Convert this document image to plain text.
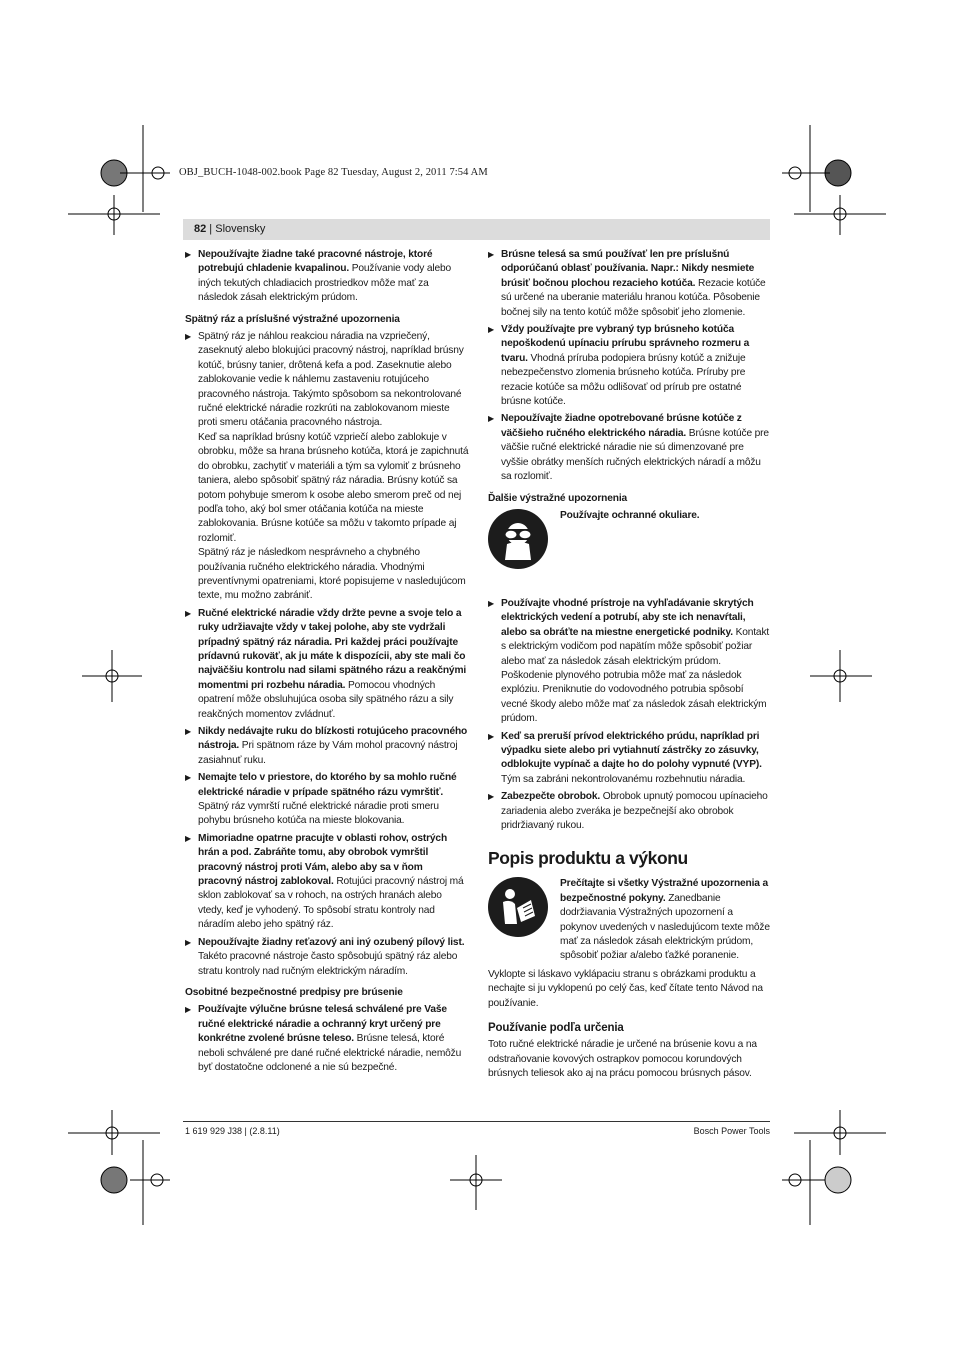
OBJ_BUCH-1048-002.book Page 82 Tuesday, August 2, 2011 7:54 AM
82 | Slovensky
▶ Nepoužívajte žiadne také pracovné nástroje, ktoré potrebujú chladenie kvapalinou. Používanie vody alebo iných tekutých chladiacich prostriedkov môže mať za následok zásah elektrickým prúdom.
Spätný ráz a príslušné výstražné upozornenia
▶ Spätný ráz je náhlou reakciou náradia na vzpriečený, zaseknutý alebo blokujúci pracovný nástroj, napríklad brúsny kotúč, brúsny tanier, drôtená kefa a pod. Zaseknutie alebo zablokovanie vedie k náhlemu zastaveniu rotujúceho pracovného nástroja. Takýmto spôsobom sa nekontrolované ručné elektrické náradie rozkrúti na zablokovanom mieste proti smeru otáčania pracovného nástroja.

Keď sa napríklad brúsny kotúč vzpriečí alebo zablokuje v obrobku, môže sa hrana brúsneho kotúča, ktorá je zapichnutá do obrobku, zachytiť v materiáli a tým sa vylomiť z brúsneho taniera, alebo spôsobiť spätný ráz náradia. Brúsny kotúč sa potom pohybuje smerom k osobe alebo smerom preč od nej podľa toho, aký bol smer otáčania kotúča na mieste zablokovania. Brúsne kotúče sa môžu v takomto prípade aj rozlomiť.

Spätný ráz je následkom nesprávneho a chybného používania ručného elektrického náradia. Vhodnými preventívnymi opatreniami, ktoré popisujeme v nasledujúcom texte, mu možno zabrániť.

▶ Ručné elektrické náradie vždy držte pevne a svoje telo a ruky udržiavajte vždy v takej polohe, aby ste vydržali prípadný spätný ráz náradia. Pri každej práci používajte prídavnú rukoväť, ak ju máte k dispozícii, aby ste mali čo najväčšiu kontrolu nad silami spätného rázu a reakčnými momentmi pri rozbehu náradia. Pomocou vhodných opatrení môže obsluhujúca osoba sily spätného rázu a sily reakčných momentov zvládnuť.
▶ Nikdy nedávajte ruku do blízkosti rotujúceho pracovného nástroja. Pri spätnom ráze by Vám mohol pracovný nástroj zasiahnuť ruku.
▶ Nemajte telo v priestore, do ktorého by sa mohlo ručné elektrické náradie v prípade spätného rázu vymrštiť. Spätný ráz vymrští ručné elektrické náradie proti smeru pohybu brúsneho kotúča na mieste blokovania.
▶ Mimoriadne opatrne pracujte v oblasti rohov, ostrých hrán a pod. Zabráňte tomu, aby obrobok vymrštil pracovný nástroj proti Vám, alebo aby sa v ňom pracovný nástroj zablokoval. Rotujúci pracovný nástroj má sklon zablokovať sa v rohoch, na ostrých hranách alebo vtedy, keď je vyhodený. To spôsobí stratu kontroly nad náradím alebo jeho spätný ráz.
▶ Nepoužívajte žiadny reťazový ani iný ozubený pílový list. Takéto pracovné nástroje často spôsobujú spätný ráz alebo stratu kontroly nad ručným elektrickým náradím.
Osobitné bezpečnostné predpisy pre brúsenie
▶ Používajte výlučne brúsne telesá schválené pre Vaše ručné elektrické náradie a ochranný kryt určený pre konkrétne zvolené brúsne teleso. Brúsne telesá, ktoré neboli schválené pre dané ručné elektrické náradie, nemôžu byť dostatočne odclonené a nie sú bezpečné.
▶ Brúsne telesá sa smú používať len pre príslušnú odporúčanú oblasť používania. Napr.: Nikdy nesmiete brúsiť bočnou plochou rezacieho kotúča. Rezacie kotúče sú určené na uberanie materiálu hranou kotúča. Pôsobenie bočnej sily na tento kotúč môže spôsobiť jeho zlomenie.
▶ Vždy používajte pre vybraný typ brúsneho kotúča nepoškodenú upínaciu prírubu správneho rozmeru a tvaru. Vhodná príruba podopiera brúsny kotúč a znižuje nebezpečenstvo zlomenia brúsneho kotúča. Príruby pre rezacie kotúče sa môžu odlišovať od prírub pre ostatné brúsne kotúče.
▶ Nepoužívajte žiadne opotrebované brúsne kotúče z väčšieho ručného elektrického náradia. Brúsne kotúče pre väčšie ručné elektrické náradie nie sú dimenzované pre vyššie obrátky menších ručných elektrických náradí a môžu sa rozlomiť.
Ďalšie výstražné upozornenia
Používajte ochranné okuliare.
▶ Používajte vhodné prístroje na vyhľadávanie skrytých elektrických vedení a potrubí, aby ste ich nenavŕtali, alebo sa obráťte na miestne energetické podniky. Kontakt s elektrickým vodičom pod napätím môže spôsobiť požiar alebo mať za následok zásah elektrickým prúdom. Poškodenie plynového potrubia môže mať za následok explóziu. Preniknutie do vodovodného potrubia spôsobí vecné škody alebo môže mať za následok zásah elektrickým prúdom.
▶ Keď sa preruší prívod elektrického prúdu, napríklad pri výpadku siete alebo pri vytiahnutí zástrčky zo zásuvky, odblokujte vypínač a dajte ho do polohy vypnuté (VYP). Tým sa zabráni nekontrolovanému rozbehnutiu náradia.
▶ Zabezpečte obrobok. Obrobok upnutý pomocou upínacieho zariadenia alebo zveráka je bezpečnejší ako obrobok pridržiavaný rukou.
Popis produktu a výkonu

Prečítajte si všetky Výstražné upozornenia a bezpečnostné pokyny. Zanedbanie dodržiavania Výstražných upozornení a pokynov uvedených v nasledujúcom texte môže mať za následok zásah elektrickým prúdom, spôsobiť požiar a/alebo ťažké poranenie.

Vyklopte si láskavo vyklápaciu stranu s obrázkami produktu a nechajte si ju vyklopenú po celý čas, keď čítate tento Návod na používanie.

Používanie podľa určenia

Toto ručné elektrické náradie je určené na brúsenie kovu a na odstraňovanie kovových ostrapkov pomocou korundových brúsnych teliesok ako aj na prácu pomocou brúsnych pásov.

1 619 929 J38 | (2.8.11)	Bosch Power Tools
